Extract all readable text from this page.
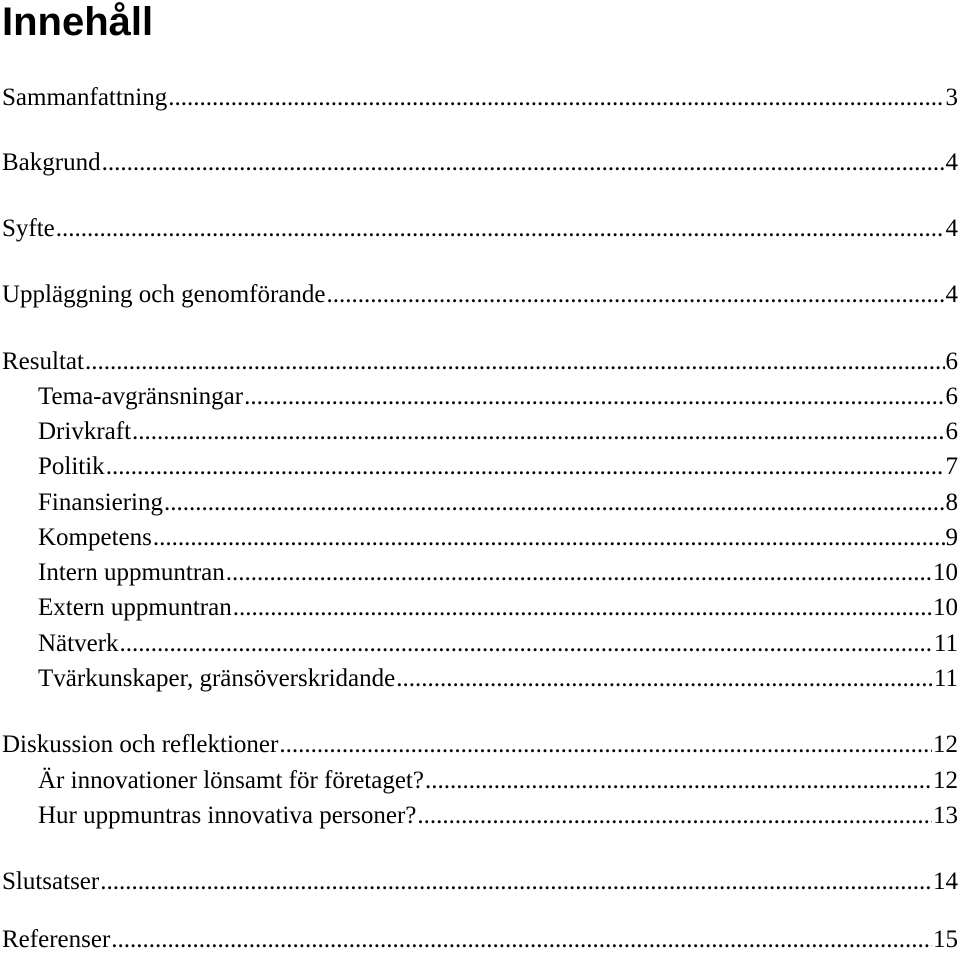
Innehåll
Sammanfattning .....	3
Bakgrund .....	4
Syfte .....	4
Uppläggning och genomförande .....	4
Resultat .....	6
Tema-avgränsningar .....	6
Drivkraft .....	6
Politik .....	7
Finansiering .....	8
Kompetens .....	9
Intern uppmuntran .....	10
Extern uppmuntran .....	10
Nätverk .....	11
Tvärkunskaper, gränsöverskridande .....	11
Diskussion och reflektioner .....	12
Är innovationer lönsamt för företaget? .....	12
Hur uppmuntras innovativa personer? .....	13
Slutsatser .....	14
Referenser .....	15
